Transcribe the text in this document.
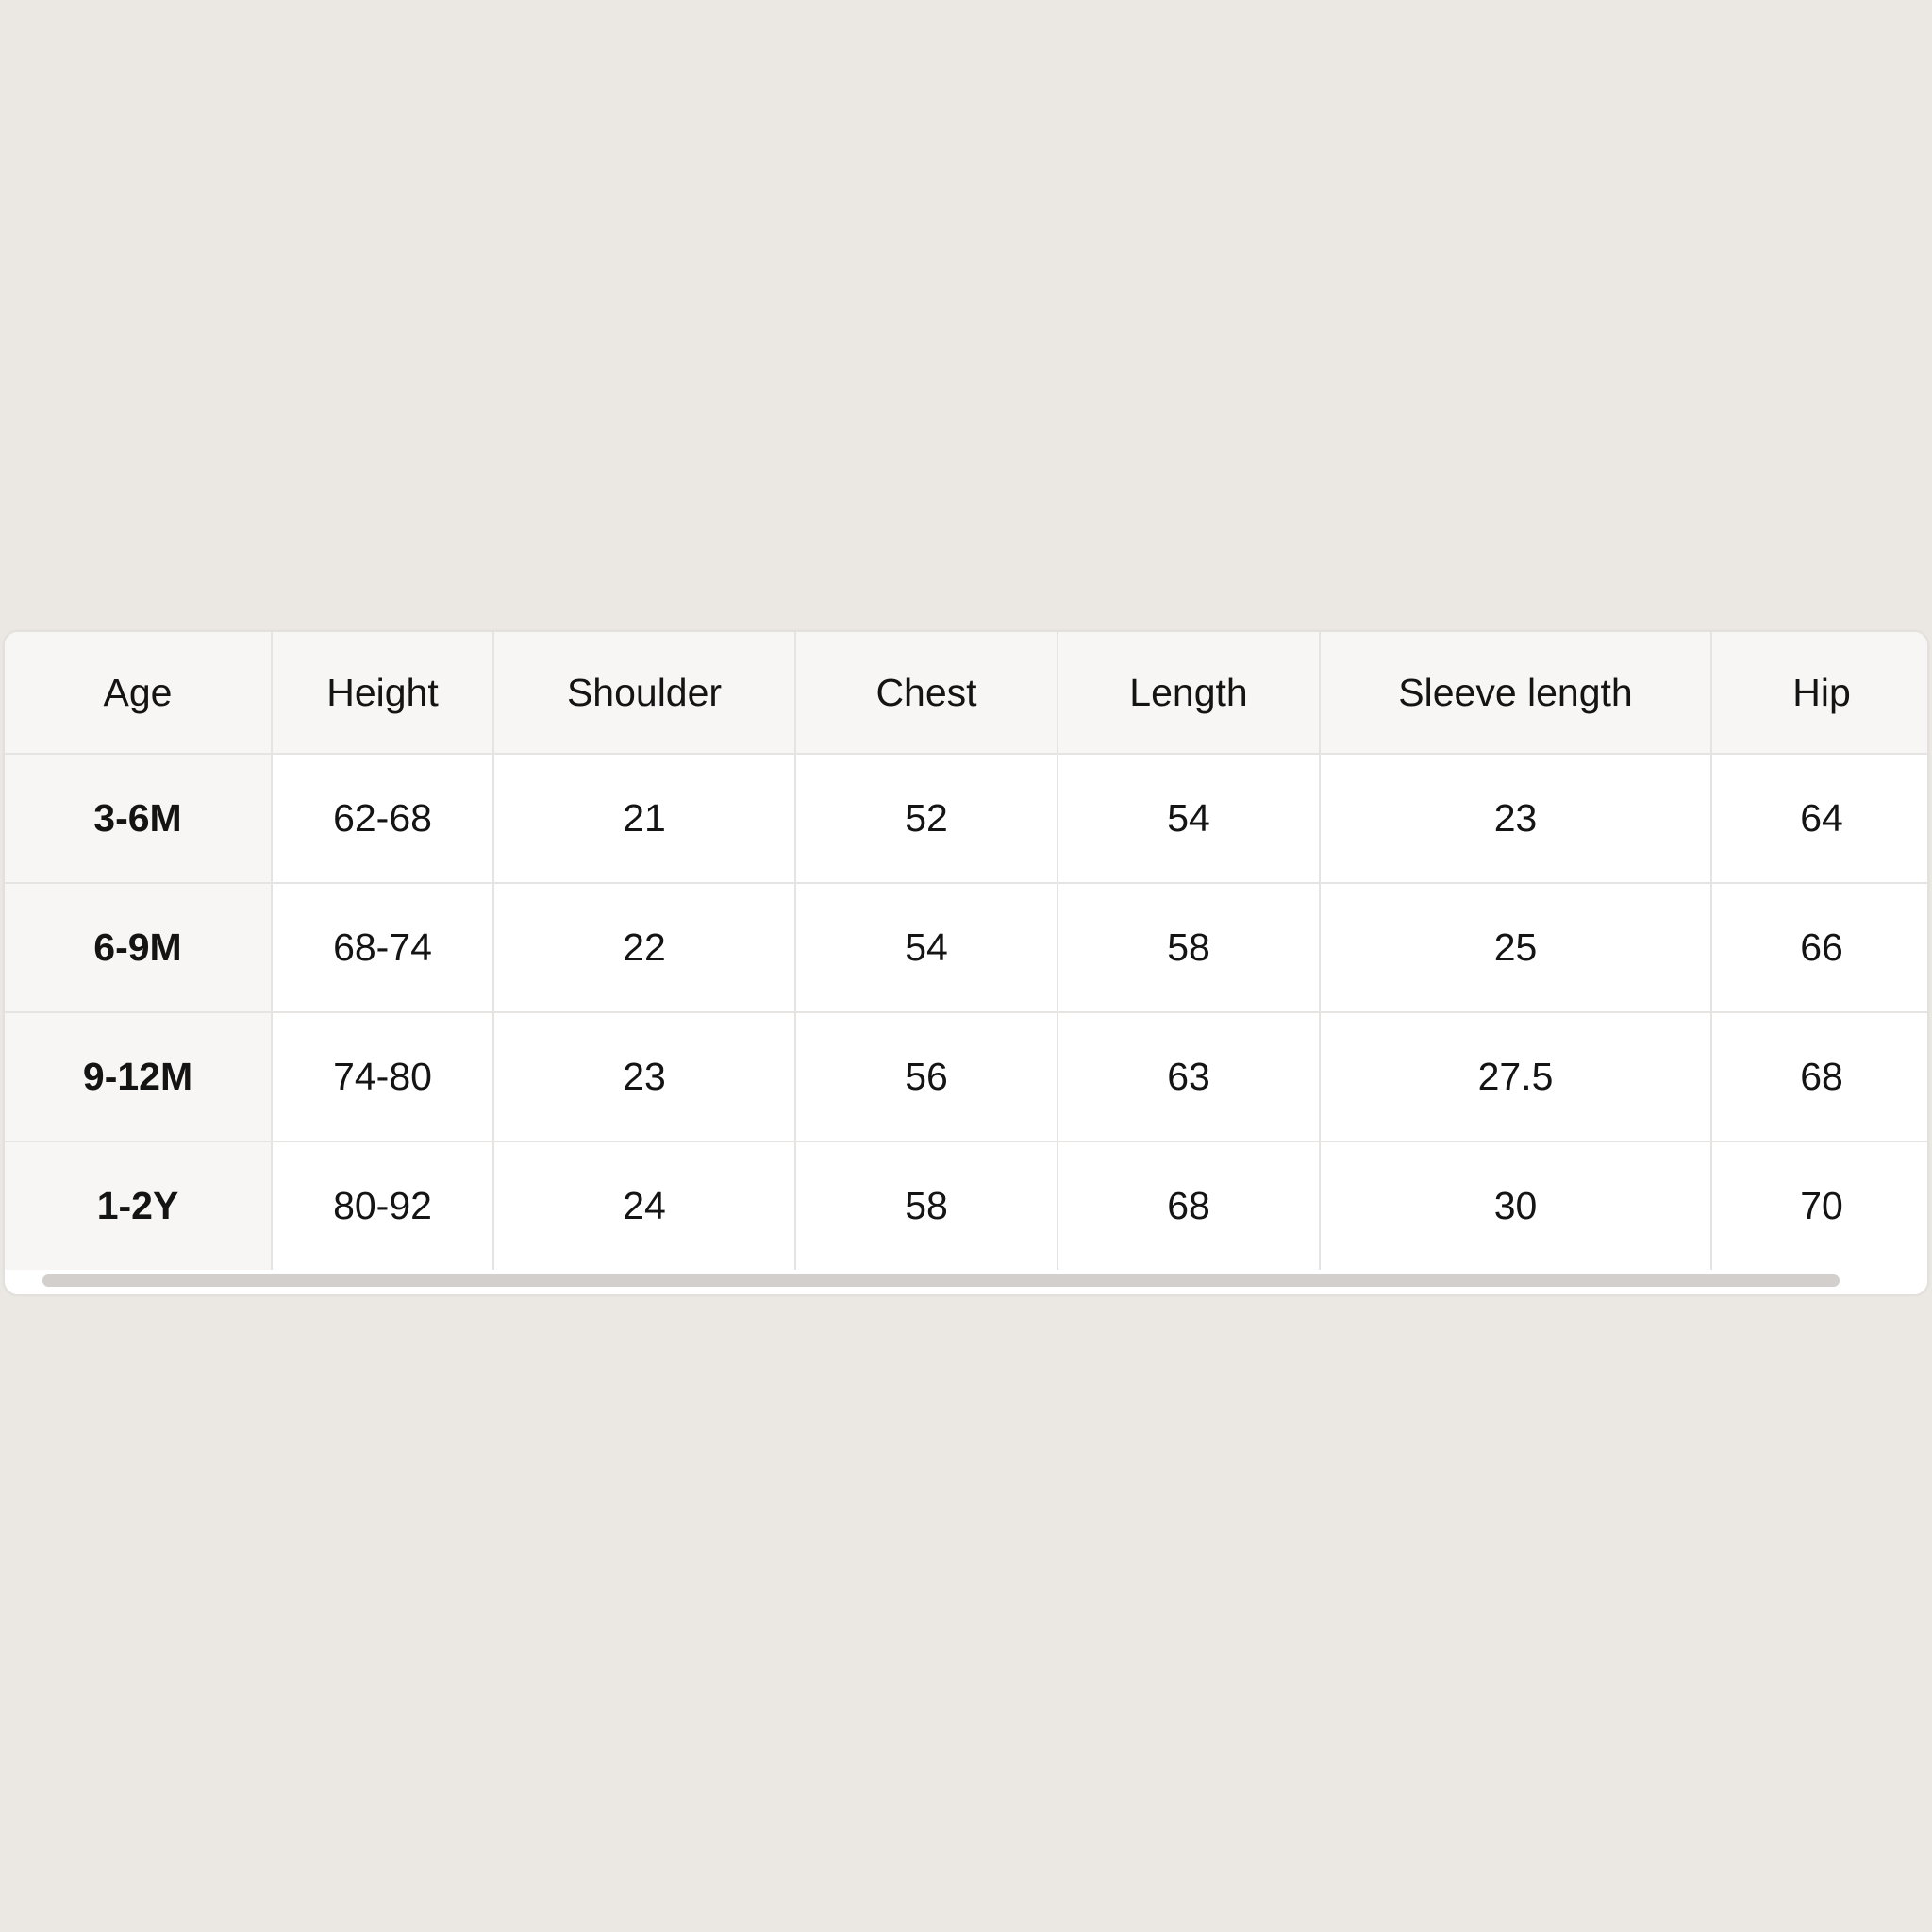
Age	Height	Shoulder	Chest	Length	Sleeve length	Hip
3-6M	62-68	21	52	54	23	64
6-9M	68-74	22	54	58	25	66
9-12M	74-80	23	56	63	27.5	68
1-2Y	80-92	24	58	68	30	70
